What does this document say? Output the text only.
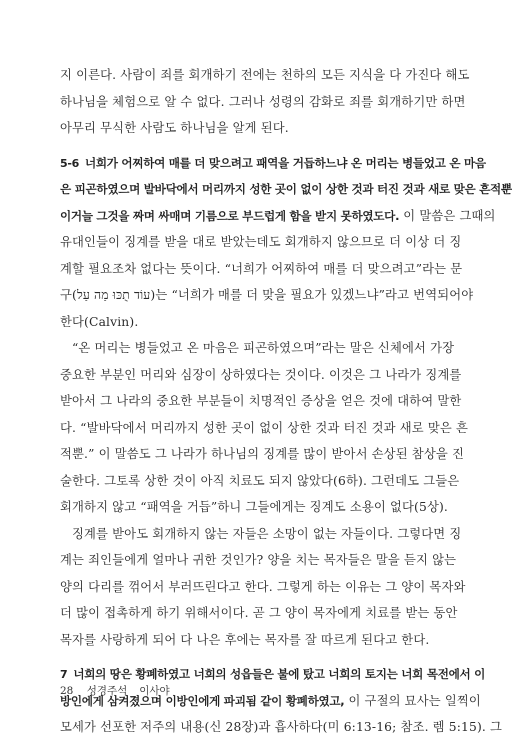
지 이른다. 사람이 죄를 회개하기 전에는 천하의 모든 지식을 다 가진다 해도
하나님을 체험으로 알 수 없다. 그러나 성령의 감화로 죄를 회개하기만 하면
아무리 무식한 사람도 하나님을 알게 된다.
5-6 너희가 어찌하여 매를 더 맞으려고 패역을 거듭하느냐 온 머리는 병들었고 온 마음
은 피곤하였으며 발바닥에서 머리까지 성한 곳이 없이 상한 것과 터진 것과 새로 맞은 흔적뿐
이거늘 그것을 짜며 싸매며 기름으로 부드럽게 함을 받지 못하였도다. 이 말씀은 그때의
유대인들이 징계를 받을 대로 받았는데도 회개하지 않으므로 더 이상 더 징
계할 필요조차 없다는 뜻이다. “너희가 어찌하여 매를 더 맞으려고”라는 문
구(עוֹד תֻכּוּ מַה עַל)는 “너희가 매를 더 맞을 필요가 있겠느냐”라고 번역되어야
한다(Calvin).
“온 머리는 병들었고 온 마음은 피곤하였으며”라는 말은 신체에서 가장
중요한 부분인 머리와 심장이 상하였다는 것이다. 이것은 그 나라가 징계를
받아서 그 나라의 중요한 부분들이 치명적인 증상을 얻은 것에 대하여 말한
다. “발바닥에서 머리까지 성한 곳이 없이 상한 것과 터진 것과 새로 맞은 흔
적뿐.” 이 말씀도 그 나라가 하나님의 징계를 많이 받아서 손상된 참상을 진
술한다. 그토록 상한 것이 아직 치료도 되지 않았다(6하). 그런데도 그들은
회개하지 않고 “패역을 거듭”하니 그들에게는 징계도 소용이 없다(5상).
징계를 받아도 회개하지 않는 자들은 소망이 없는 자들이다. 그렇다면 징
계는 죄인들에게 얼마나 귀한 것인가? 양을 치는 목자들은 말을 듣지 않는
양의 다리를 꺾어서 부러뜨린다고 한다. 그렇게 하는 이유는 그 양이 목자와
더 많이 접촉하게 하기 위해서이다. 곧 그 양이 목자에게 치료를 받는 동안
목자를 사랑하게 되어 다 나은 후에는 목자를 잘 따르게 된다고 한다.
7 너희의 땅은 황폐하였고 너희의 성읍들은 불에 탔고 너희의 토지는 너희 목전에서 이
방인에게 삼켜졌으며 이방인에게 파괴됨 같이 황폐하였고, 이 구절의 묘사는 일찍이
모세가 선포한 저주의 내용(신 28장)과 흡사하다(미 6:13-16; 참조. 렘 5:15). 그
28 성경주석 _ 이사야
